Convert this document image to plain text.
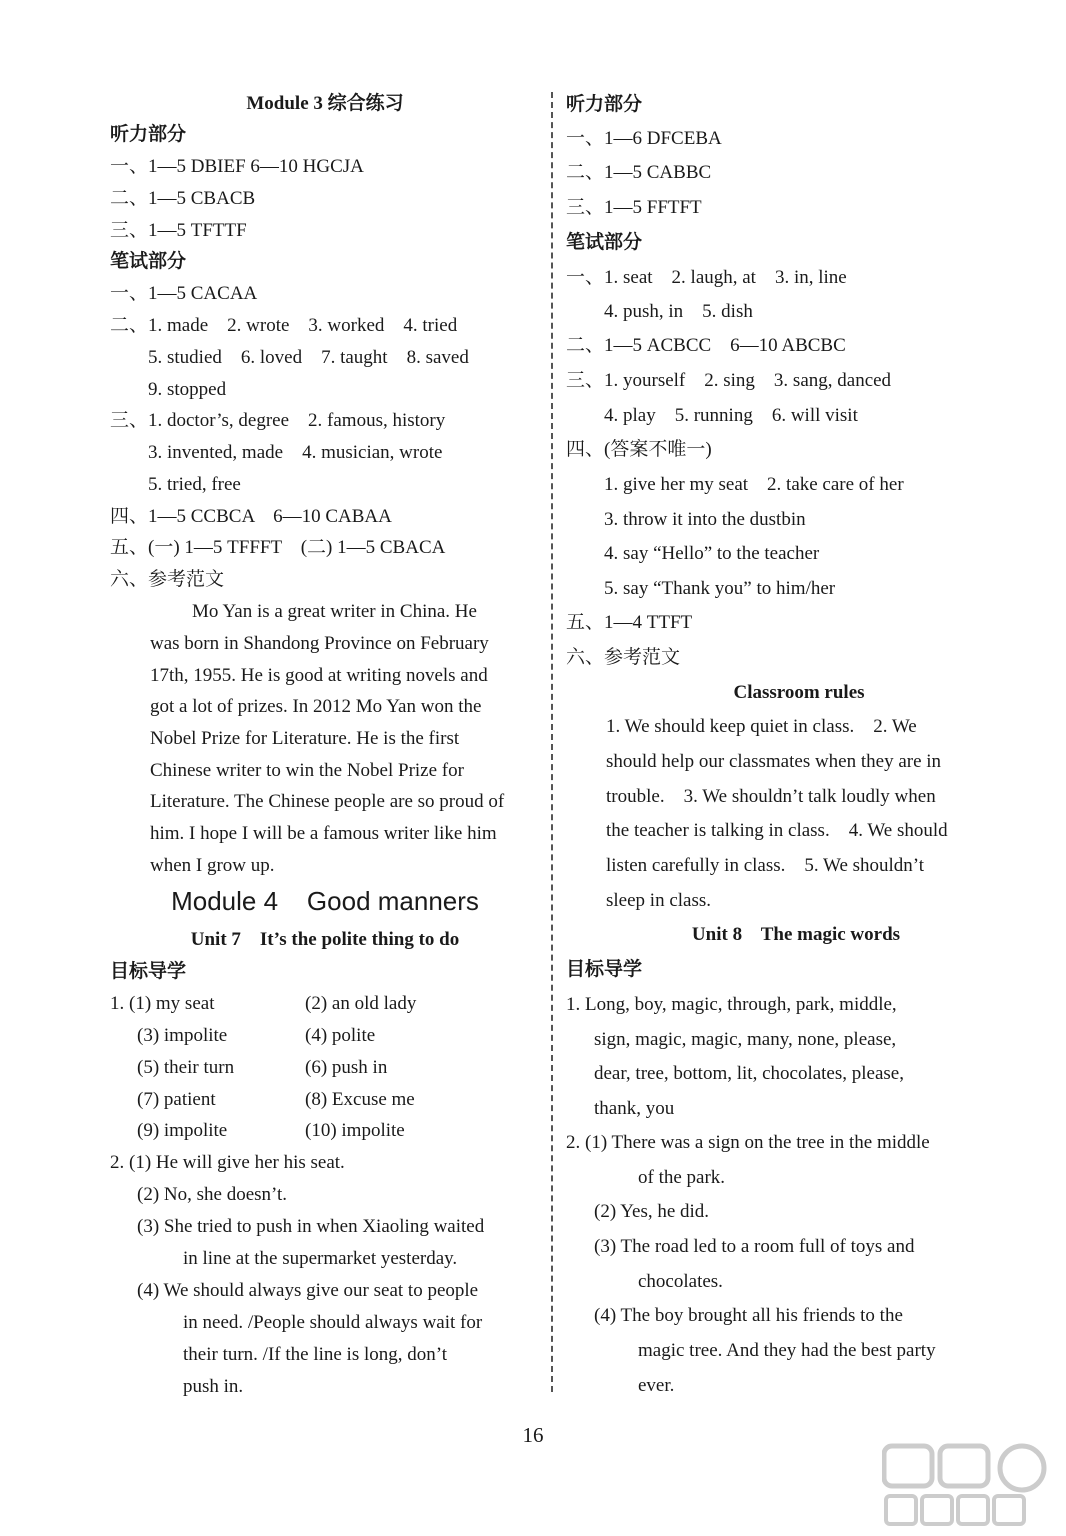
Module 3 综合练习
听力部分
一、1—5 DBIEF 6—10 HGCJA
二、1—5 CBACB
三、1—5 TFTTF
笔试部分
一、1—5 CACAA
二、1. made    2. wrote    3. worked    4. tried
5. studied    6. loved    7. taught    8. saved
9. stopped
三、1. doctor’s, degree    2. famous, history
3. invented, made    4. musician, wrote
5. tried, free
四、1—5 CCBCA    6—10 CABAA
五、(一) 1—5 TFFFT    (二) 1—5 CBACA
六、参考范文
Mo Yan is a great writer in China. He
was born in Shandong Province on February
17th, 1955. He is good at writing novels and
got a lot of prizes. In 2012 Mo Yan won the
Nobel Prize for Literature. He is the first
Chinese writer to win the Nobel Prize for
Literature. The Chinese people are so proud of
him. I hope I will be a famous writer like him
when I grow up.
Module 4    Good manners
Unit 7    It’s the polite thing to do
目标导学
1. (1) my seat
(3) impolite
(5) their turn
(7) patient
(9) impolite
(2) an old lady
(4) polite
(6) push in
(8) Excuse me
(10) impolite
2. (1) He will give her his seat.
(2) No, she doesn’t.
(3) She tried to push in when Xiaoling waited
in line at the supermarket yesterday.
(4) We should always give our seat to people
in need. /People should always wait for
their turn. /If the line is long, don’t
push in.
听力部分
一、1—6 DFCEBA
二、1—5 CABBC
三、1—5 FFTFT
笔试部分
一、1. seat    2. laugh, at    3. in, line
4. push, in    5. dish
二、1—5 ACBCC    6—10 ABCBC
三、1. yourself    2. sing    3. sang, danced
4. play    5. running    6. will visit
四、(答案不唯一)
1. give her my seat    2. take care of her
3. throw it into the dustbin
4. say “Hello” to the teacher
5. say “Thank you” to him/her
五、1—4 TTFT
六、参考范文
Classroom rules
1. We should keep quiet in class.    2. We
should help our classmates when they are in
trouble.    3. We shouldn’t talk loudly when
the teacher is talking in class.    4. We should
listen carefully in class.    5. We shouldn’t
sleep in class.
Unit 8    The magic words
目标导学
1. Long, boy, magic, through, park, middle,
sign, magic, magic, many, none, please,
dear, tree, bottom, lit, chocolates, please,
thank, you
2. (1) There was a sign on the tree in the middle
of the park.
(2) Yes, he did.
(3) The road led to a room full of toys and
chocolates.
(4) The boy brought all his friends to the
magic tree. And they had the best party
ever.
16
